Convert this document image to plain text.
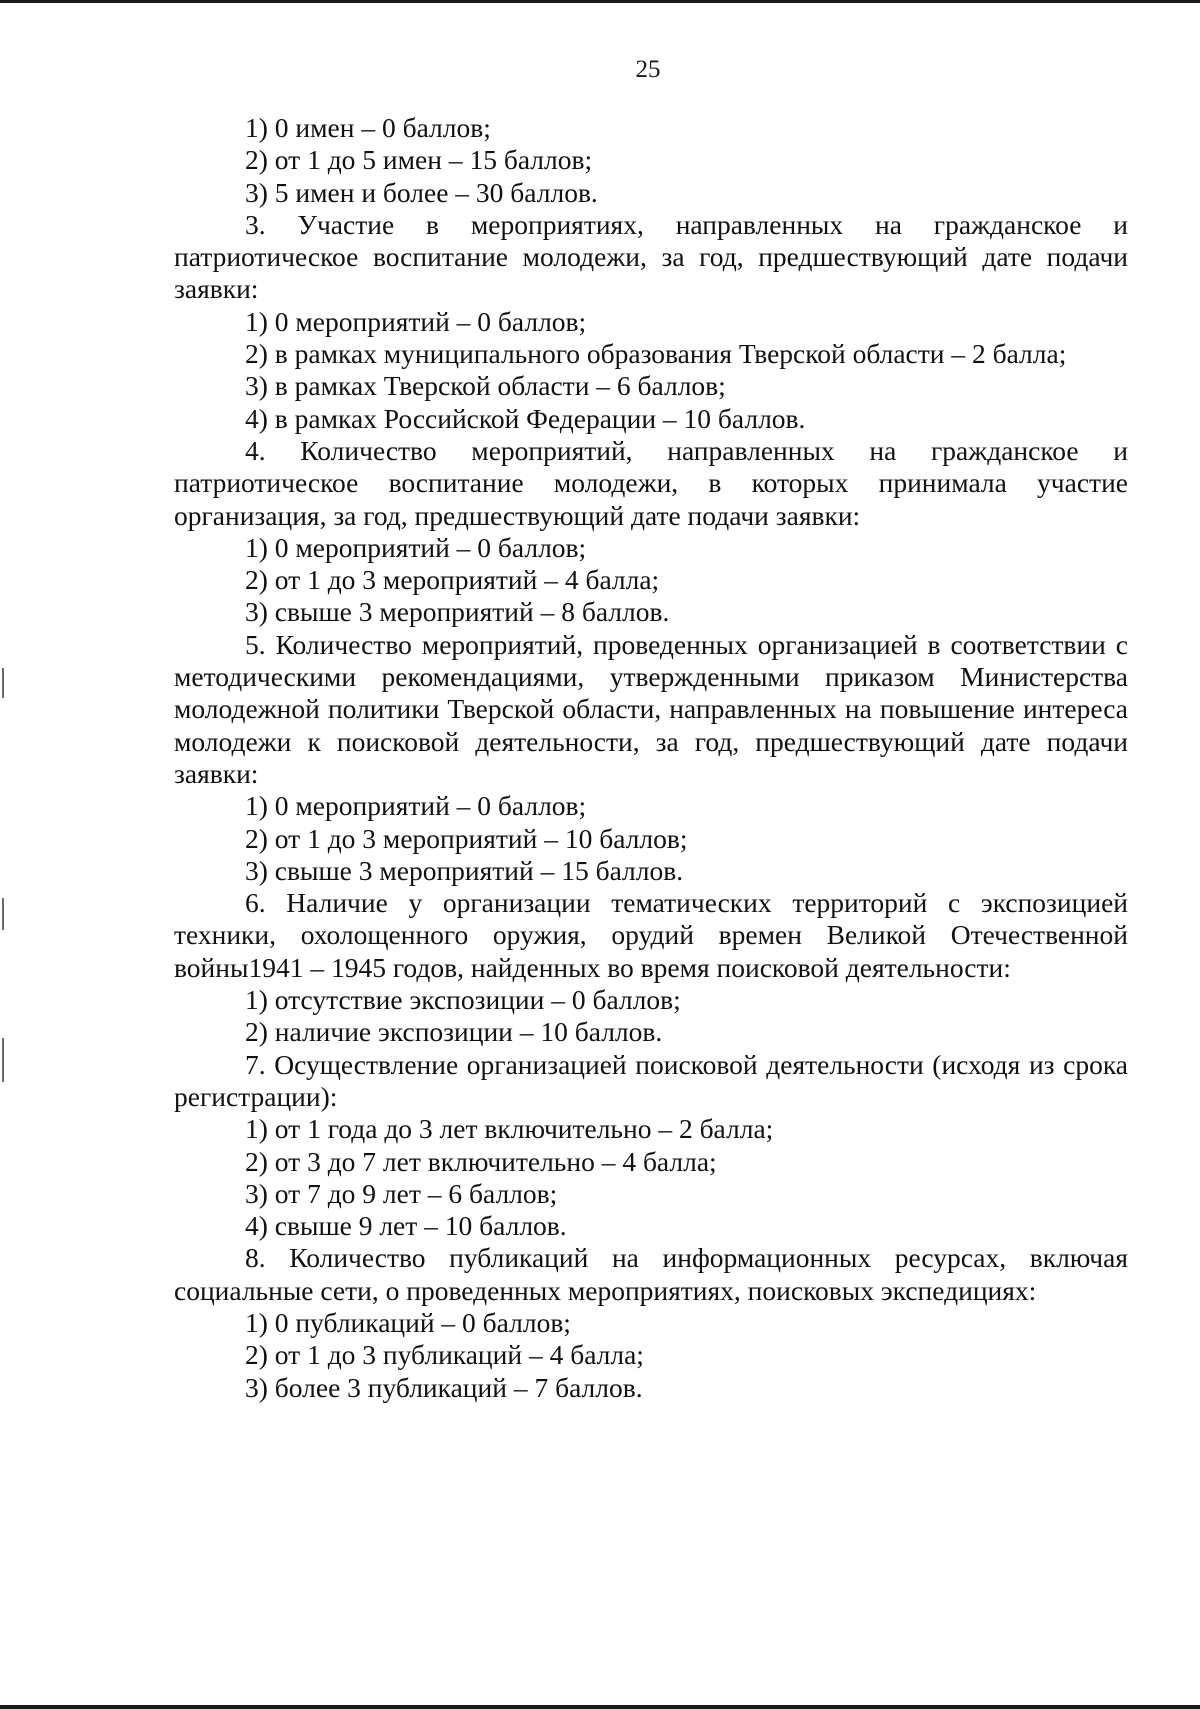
25
1) 0 имен – 0 баллов;
2) от 1 до 5 имен – 15 баллов;
3) 5 имен и более – 30 баллов.
3. Участие в мероприятиях, направленных на гражданское и патриотическое воспитание молодежи, за год, предшествующий дате подачи заявки:
1) 0 мероприятий – 0 баллов;
2) в рамках муниципального образования Тверской области – 2 балла;
3) в рамках Тверской области – 6 баллов;
4) в рамках Российской Федерации – 10 баллов.
4. Количество мероприятий, направленных на гражданское и патриотическое воспитание молодежи, в которых принимала участие организация, за год, предшествующий дате подачи заявки:
1) 0 мероприятий – 0 баллов;
2) от 1 до 3 мероприятий – 4 балла;
3) свыше 3 мероприятий – 8 баллов.
5. Количество мероприятий, проведенных организацией в соответствии с методическими рекомендациями, утвержденными приказом Министерства молодежной политики Тверской области, направленных на повышение интереса молодежи к поисковой деятельности, за год, предшествующий дате подачи заявки:
1) 0 мероприятий – 0 баллов;
2) от 1 до 3 мероприятий – 10 баллов;
3) свыше 3 мероприятий – 15 баллов.
6. Наличие у организации тематических территорий с экспозицией техники, охолощенного оружия, орудий времен Великой Отечественной войны1941 – 1945 годов, найденных во время поисковой деятельности:
1) отсутствие экспозиции – 0 баллов;
2) наличие экспозиции – 10 баллов.
7. Осуществление организацией поисковой деятельности (исходя из срока регистрации):
1) от 1 года до 3 лет включительно – 2 балла;
2) от 3 до 7 лет включительно – 4 балла;
3) от 7 до 9 лет – 6 баллов;
4) свыше 9 лет – 10 баллов.
8. Количество публикаций на информационных ресурсах, включая социальные сети, о проведенных мероприятиях, поисковых экспедициях:
1) 0 публикаций – 0 баллов;
2) от 1 до 3 публикаций – 4 балла;
3) более 3 публикаций – 7 баллов.
